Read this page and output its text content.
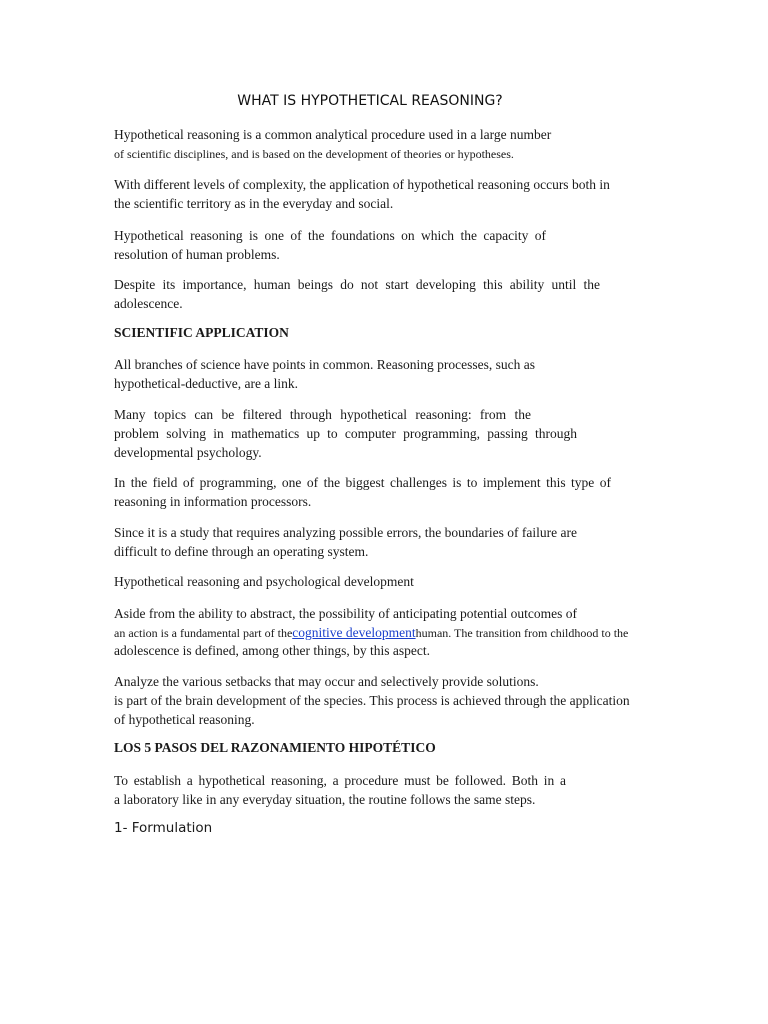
WHAT IS HYPOTHETICAL REASONING?
Hypothetical reasoning is a common analytical procedure used in a large number
of scientific disciplines, and is based on the development of theories or hypotheses.
With different levels of complexity, the application of hypothetical reasoning occurs both in
the scientific territory as in the everyday and social.
Hypothetical reasoning is one of the foundations on which the capacity of
resolution of human problems.
Despite its importance, human beings do not start developing this ability until the
adolescence.
SCIENTIFIC APPLICATION
All branches of science have points in common. Reasoning processes, such as
hypothetical-deductive, are a link.
Many topics can be filtered through hypothetical reasoning: from the
problem solving in mathematics up to computer programming, passing through
developmental psychology.
In the field of programming, one of the biggest challenges is to implement this type of
reasoning in information processors.
Since it is a study that requires analyzing possible errors, the boundaries of failure are
difficult to define through an operating system.
Hypothetical reasoning and psychological development
Aside from the ability to abstract, the possibility of anticipating potential outcomes of
an action is a fundamental part of thecognitive developmenthuman. The transition from childhood to the
adolescence is defined, among other things, by this aspect.
Analyze the various setbacks that may occur and selectively provide solutions.
is part of the brain development of the species. This process is achieved through the application
of hypothetical reasoning.
LOS 5 PASOS DEL RAZONAMIENTO HIPOTÉTICO
To establish a hypothetical reasoning, a procedure must be followed. Both in a
a laboratory like in any everyday situation, the routine follows the same steps.
1- Formulation
